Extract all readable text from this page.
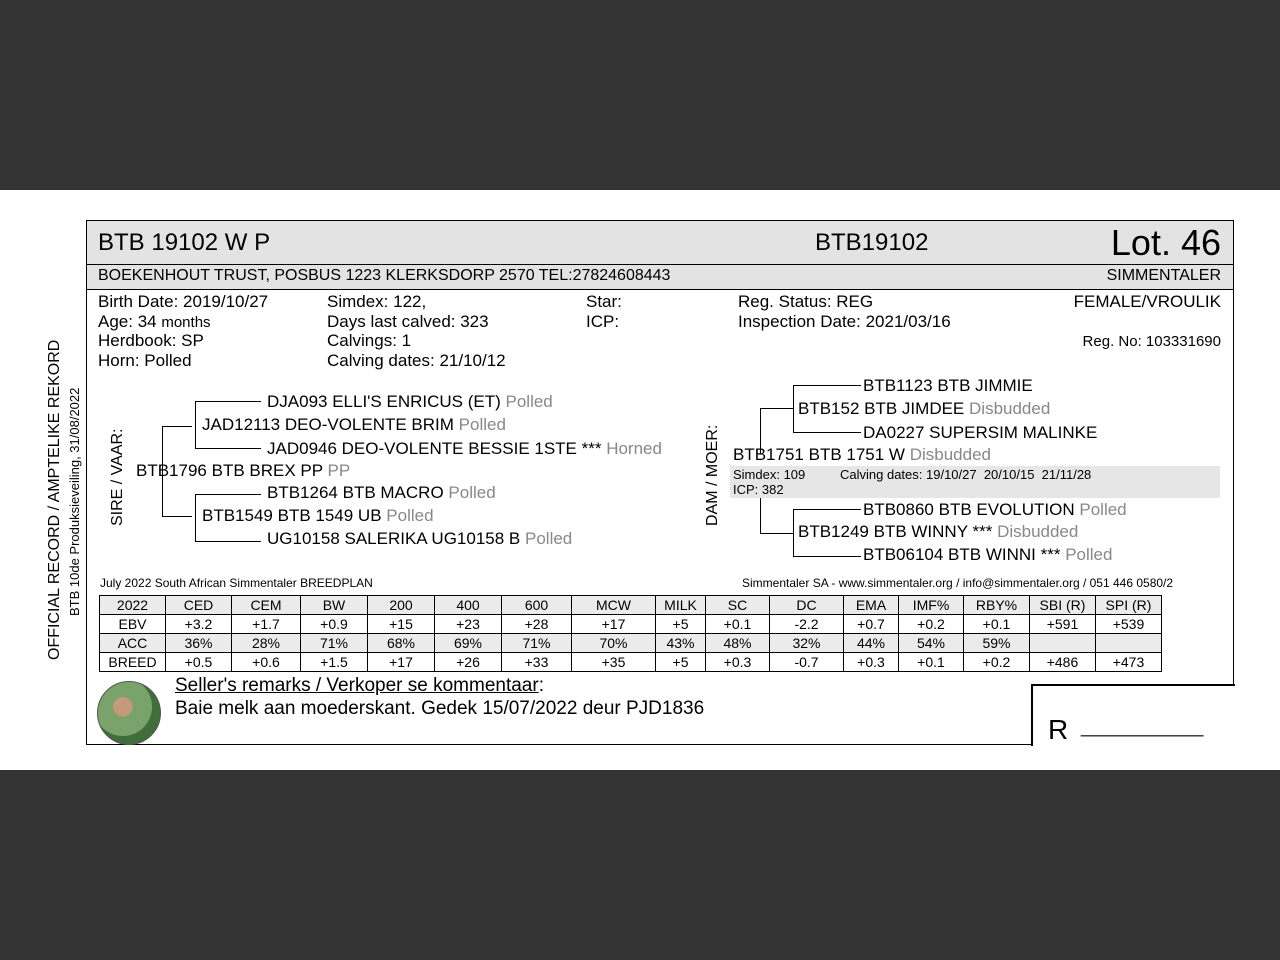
OFFICIAL RECORD / AMPTELIKE REKORD BTB 10de Produksieveiling, 31/08/2022
BTB 19102 W P	BTB19102	Lot. 46
BOEKENHOUT TRUST, POSBUS 1223 KLERKSDORP 2570 TEL:27824608443	SIMMENTALER
Birth Date: 2019/10/27
Age: 34 months
Herdbook: SP
Horn: Polled
Simdex: 122,
Days last calved: 323
Calvings: 1
Calving dates: 21/10/12
Star:
ICP:
Reg. Status: REG
Inspection Date: 2021/03/16
FEMALE/VROULIK
Reg. No: 103331690
SIRE / VAAR:
DJA093 ELLI'S ENRICUS (ET) Polled
JAD12113 DEO-VOLENTE BRIM Polled
JAD0946 DEO-VOLENTE BESSIE 1STE *** Horned
BTB1796 BTB BREX PP PP
BTB1264 BTB MACRO Polled
BTB1549 BTB 1549 UB Polled
UG10158 SALERIKA UG10158 B Polled
DAM / MOER:
BTB1123 BTB JIMMIE
BTB152 BTB JIMDEE Disbudded
DA0227 SUPERSIM MALINKE
BTB1751 BTB 1751 W Disbudded
Simdex: 109	Calving dates: 19/10/27  20/10/15  21/11/28
ICP: 382
BTB0860 BTB EVOLUTION Polled
BTB1249 BTB WINNY *** Disbudded
BTB06104 BTB WINNI *** Polled
July 2022 South African Simmentaler BREEDPLAN	Simmentaler SA - www.simmentaler.org / info@simmentaler.org / 051 446 0580/2
2022	CED	CEM	BW	200	400	600	MCW	MILK	SC	DC	EMA	IMF%	RBY%	SBI (R)	SPI (R)
EBV	+3.2	+1.7	+0.9	+15	+23	+28	+17	+5	+0.1	-2.2	+0.7	+0.2	+0.1	+591	+539
ACC	36%	28%	71%	68%	69%	71%	70%	43%	48%	32%	44%	54%	59%		
BREED	+0.5	+0.6	+1.5	+17	+26	+33	+35	+5	+0.3	-0.7	+0.3	+0.1	+0.2	+486	+473
Seller's remarks / Verkoper se kommentaar:
Baie melk aan moederskant. Gedek 15/07/2022 deur PJD1836
R __________
